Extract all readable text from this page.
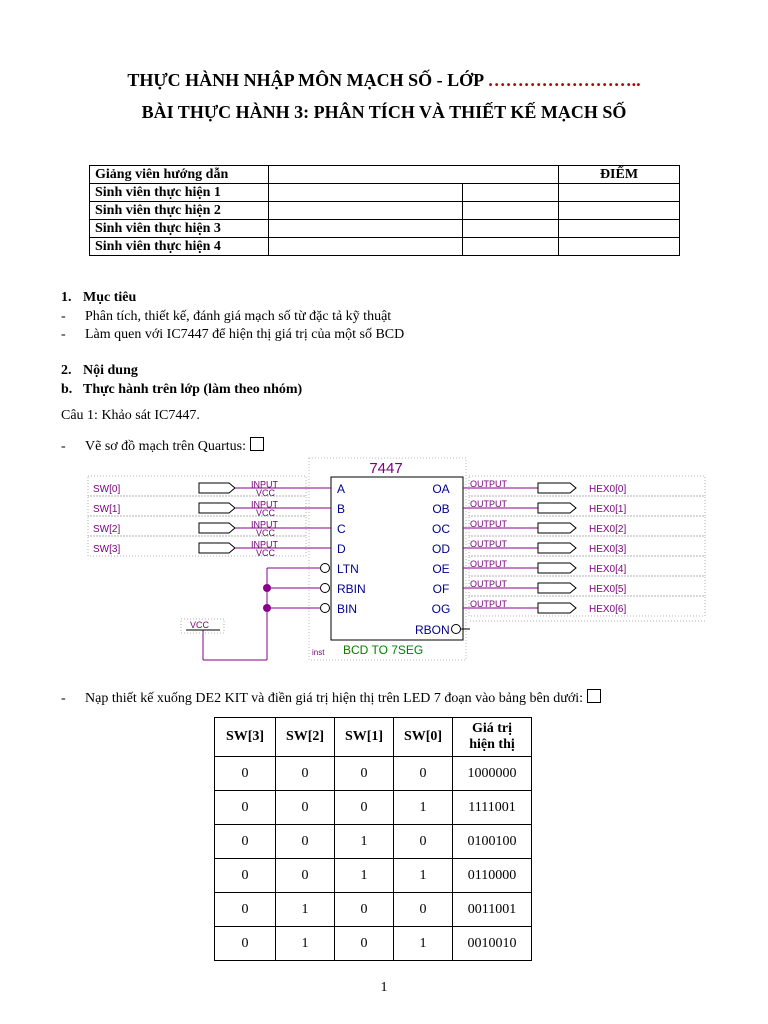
THỰC HÀNH NHẬP MÔN MẠCH SỐ - LỚP ……………………..
BÀI THỰC HÀNH 3: PHÂN TÍCH VÀ THIẾT KẾ MẠCH SỐ
Giảng viên hướng dẫn			ĐIỂM
Sinh viên thực hiện 1			
Sinh viên thực hiện 2			
Sinh viên thực hiện 3			
Sinh viên thực hiện 4			
1. Mục tiêu
- Phân tích, thiết kế, đánh giá mạch số từ đặc tả kỹ thuật
- Làm quen với IC7447 để hiện thị giá trị của một số BCD
2. Nội dung
b. Thực hành trên lớp (làm theo nhóm)
Câu 1: Khảo sát IC7447.
- Vẽ sơ đồ mạch trên Quartus:
7447
inst BCD TO 7SEG
SW[0]	INPUT
VCC
SW[1]	INPUT
VCC
SW[2]	INPUT
VCC
SW[3]	INPUT
VCC
A
B
C
D
LTN
RBIN
BIN
OA
OB
OC
OD
OE
OF
OG
RBON
OUTPUT	HEX0[0]
OUTPUT	HEX0[1]
OUTPUT	HEX0[2]
OUTPUT	HEX0[3]
OUTPUT	HEX0[4]
OUTPUT	HEX0[5]
OUTPUT	HEX0[6]
VCC
- Nạp thiết kế xuống DE2 KIT và điền giá trị hiện thị trên LED 7 đoạn vào bảng bên dưới:
SW[3]	SW[2]	SW[1]	SW[0]	Giá trị
hiện thị

0	0	0	0	1000000
0	0	0	1	1111001
0	0	1	0	0100100
0	0	1	1	0110000
0	1	0	0	0011001
0	1	0	1	0010010
1
